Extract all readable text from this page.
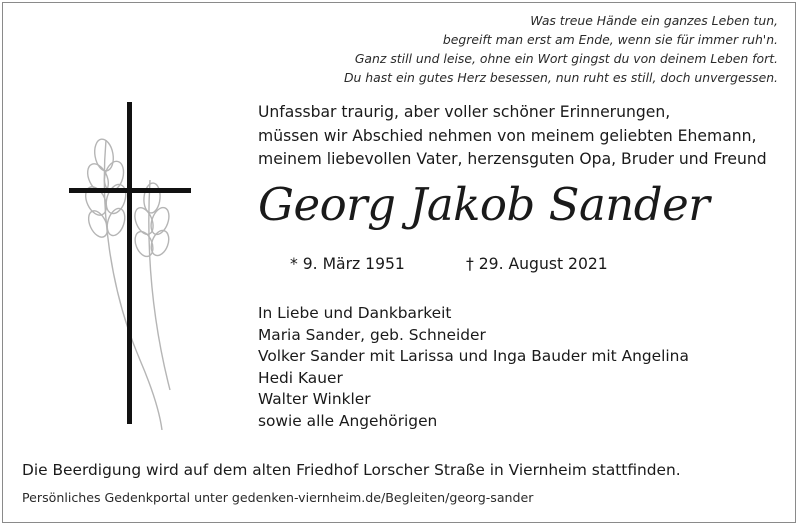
Was treue Hände ein ganzes Leben tun,
begreift man erst am Ende, wenn sie für immer ruh'n.
Ganz still und leise, ohne ein Wort gingst du von deinem Leben fort.
Du hast ein gutes Herz besessen, nun ruht es still, doch unvergessen.
Unfassbar traurig, aber voller schöner Erinnerungen,
müssen wir Abschied nehmen von meinem geliebten Ehemann,
meinem liebevollen Vater, herzensguten Opa, Bruder und Freund
Georg Jakob Sander
* 9. März 1951	† 29. August 2021
In Liebe und Dankbarkeit
Maria Sander, geb. Schneider
Volker Sander mit Larissa und Inga Bauder mit Angelina
Hedi Kauer
Walter Winkler
sowie alle Angehörigen
Die Beerdigung wird auf dem alten Friedhof Lorscher Straße in Viernheim stattfinden.
Persönliches Gedenkportal unter gedenken-viernheim.de/Begleiten/georg-sander
